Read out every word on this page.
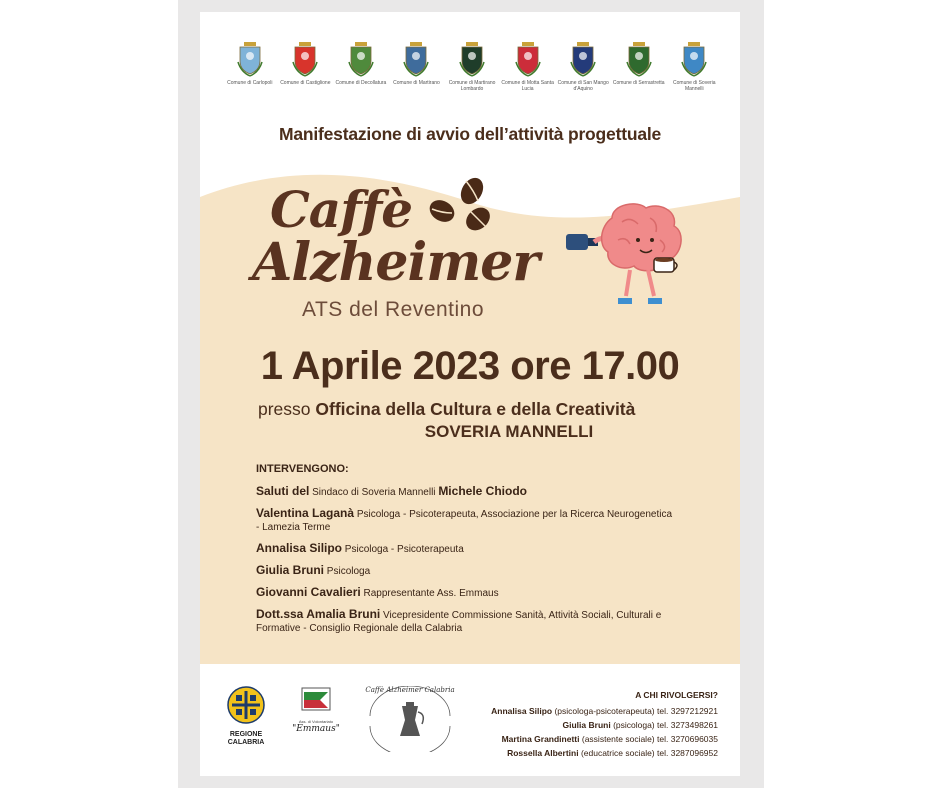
Comune di Carlopoli Comune di Castiglione Comune di Decollatura Comune di Martirano	Comune di Martirano Lombardo
Comune di Motta Santa Lucia
Comune di San Mango d'Aquino
Comune di Serrastretta	Comune di Soveria Mannelli
Manifestazione di avvio dell’attività progettuale
Caffè
Alzheimer
ATS del Reventino
1 Aprile 2023 ore 17.00
presso Officina della Cultura e della Creatività
SOVERIA MANNELLI
INTERVENGONO:
Saluti del Sindaco di Soveria Mannelli Michele Chiodo
Valentina Laganà Psicologa - Psicoterapeuta, Associazione per la Ricerca Neurogenetica - Lamezia Terme
Annalisa Silipo Psicologa - Psicoterapeuta
Giulia Bruni Psicologa
Giovanni Cavalieri Rappresentante Ass. Emmaus
Dott.ssa Amalia Bruni Vicepresidente Commissione Sanità, Attività Sociali, Culturali e Formative - Consiglio Regionale della Calabria
REGIONE CALABRIA
Ass. di Volontariato
"Emmaus"
Caffè Alzheimer Calabria	A CHI RIVOLGERSI?
Annalisa Silipo (psicologa-psicoterapeuta) tel. 3297212921
Giulia Bruni (psicologa) tel. 3273498261
Martina Grandinetti (assistente sociale) tel. 3270696035
Rossella Albertini (educatrice sociale) tel. 3287096952
